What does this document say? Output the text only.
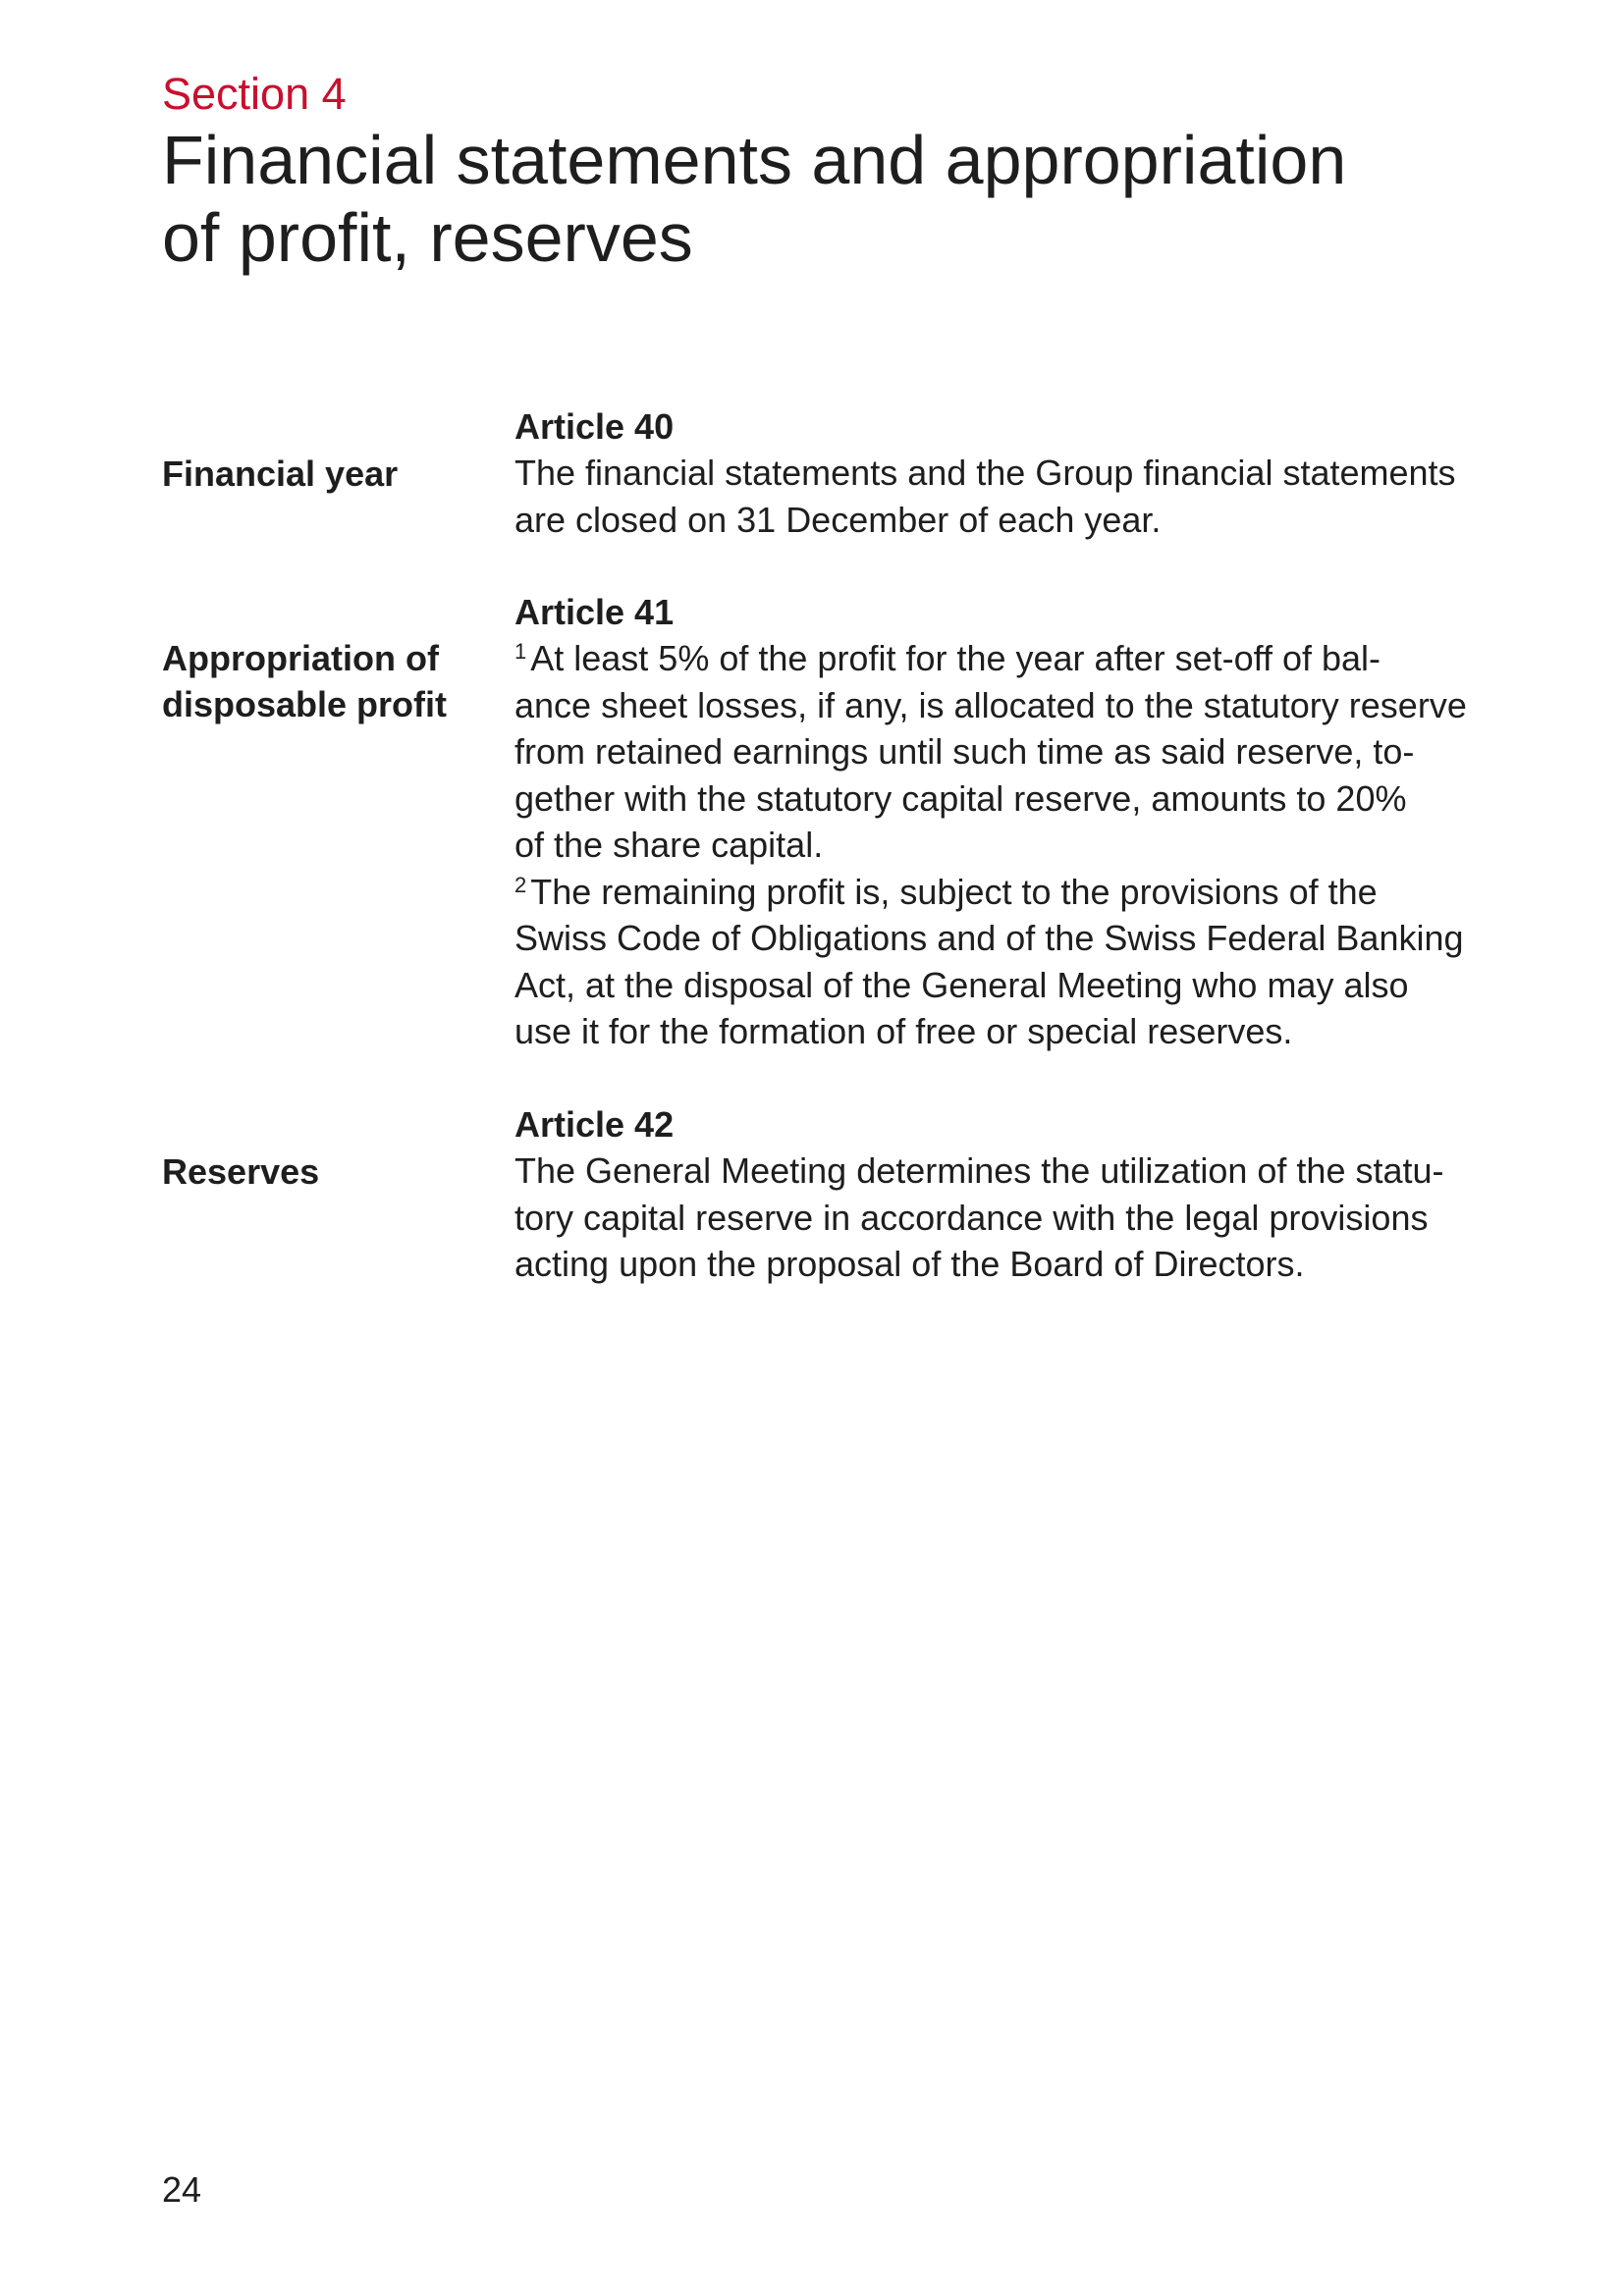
Section 4
Financial statements and appropriation
of profit, reserves
Article 40
Financial year	The financial statements and the Group financial statements
are closed on 31 December of each year.
Article 41
Appropriation of
disposable profit
$^1$ At least 5% of the profit for the year after set-off of bal-
ance sheet losses, if any, is allocated to the statutory reserve
from retained earnings until such time as said reserve, to-
gether with the statutory capital reserve, amounts to 20%
of the share capital.
$^2$ The remaining profit is, subject to the provisions of the
Swiss Code of Obligations and of the Swiss Federal Banking
Act, at the disposal of the General Meeting who may also
use it for the formation of free or special reserves.
Article 42
Reserves	The General Meeting determines the utilization of the statu-
tory capital reserve in accordance with the legal provisions
acting upon the proposal of the Board of Directors.
24
